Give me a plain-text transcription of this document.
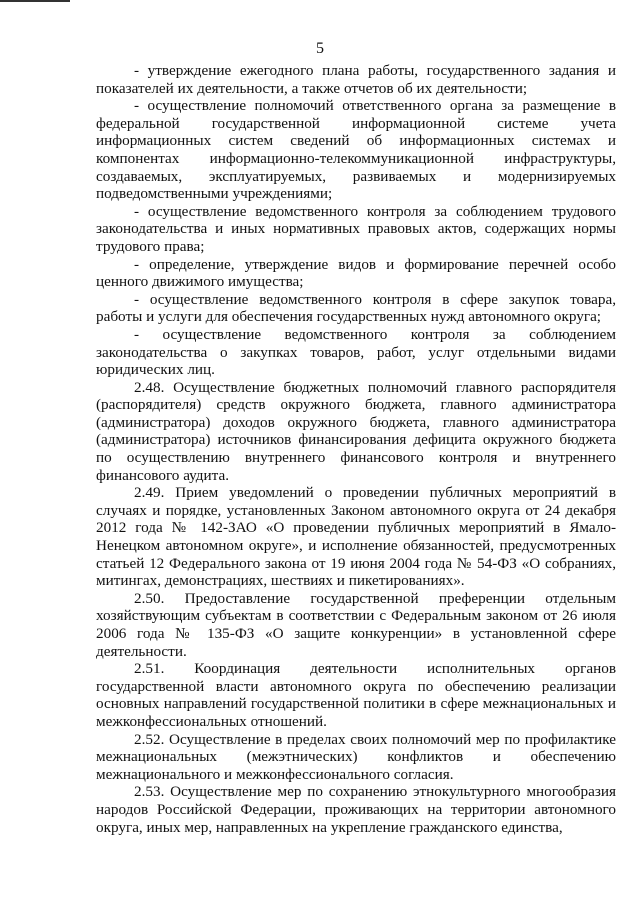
5

- утверждение ежегодного плана работы, государственного задания и показателей их деятельности, а также отчетов об их деятельности;

- осуществление полномочий ответственного органа за размещение в федеральной государственной информационной системе учета информационных систем сведений об информационных системах и компонентах информационно-телекоммуникационной инфраструктуры, создаваемых, эксплуатируемых, развиваемых и модернизируемых подведомственными учреждениями;

- осуществление ведомственного контроля за соблюдением трудового законодательства и иных нормативных правовых актов, содержащих нормы трудового права;

- определение, утверждение видов и формирование перечней особо ценного движимого имущества;

- осуществление ведомственного контроля в сфере закупок товара, работы и услуги для обеспечения государственных нужд автономного округа;

- осуществление ведомственного контроля за соблюдением законодательства о закупках товаров, работ, услуг отдельными видами юридических лиц.

2.48. Осуществление бюджетных полномочий главного распорядителя (распорядителя) средств окружного бюджета, главного администратора (администратора) доходов окружного бюджета, главного администратора (администратора) источников финансирования дефицита окружного бюджета по осуществлению внутреннего финансового контроля и внутреннего финансового аудита.

2.49. Прием уведомлений о проведении публичных мероприятий в случаях и порядке, установленных Законом автономного округа от 24 декабря 2012 года № 142-ЗАО «О проведении публичных мероприятий в Ямало-Ненецком автономном округе», и исполнение обязанностей, предусмотренных статьей 12 Федерального закона от 19 июня 2004 года № 54-ФЗ «О собраниях, митингах, демонстрациях, шествиях и пикетированиях».

2.50. Предоставление государственной преференции отдельным хозяйствующим субъектам в соответствии с Федеральным законом от 26 июля 2006 года № 135-ФЗ «О защите конкуренции» в установленной сфере деятельности.

2.51. Координация деятельности исполнительных органов государственной власти автономного округа по обеспечению реализации основных направлений государственной политики в сфере межнациональных и межконфессиональных отношений.

2.52. Осуществление в пределах своих полномочий мер по профилактике межнациональных (межэтнических) конфликтов и обеспечению межнационального и межконфессионального согласия.

2.53. Осуществление мер по сохранению этнокультурного многообразия народов Российской Федерации, проживающих на территории автономного округа, иных мер, направленных на укрепление гражданского единства,
